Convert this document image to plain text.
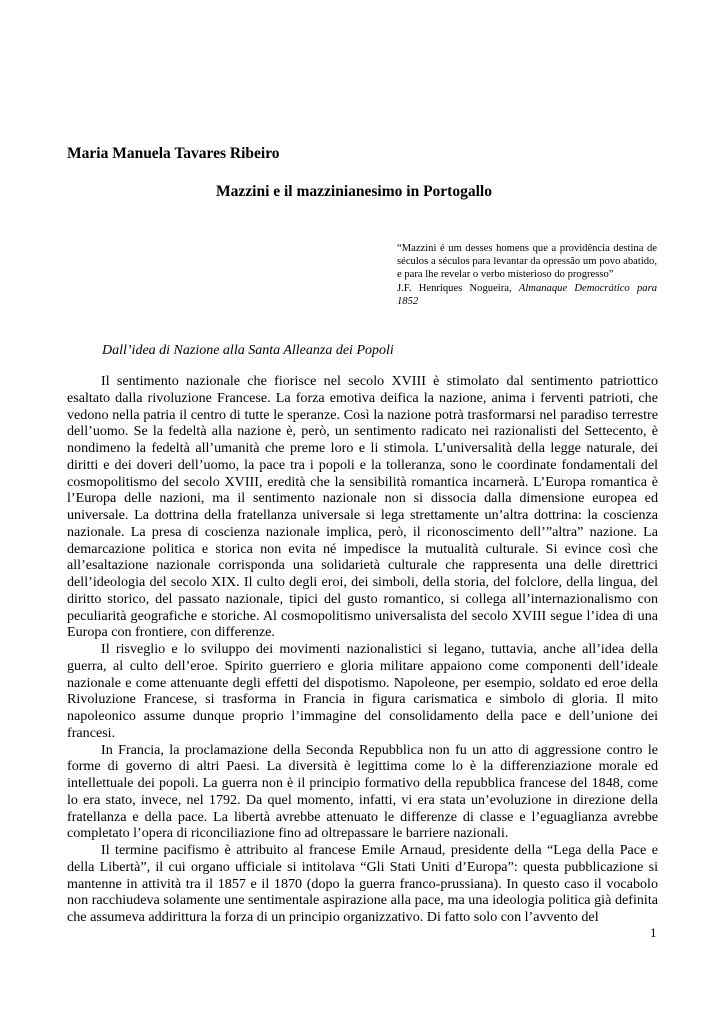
Maria Manuela Tavares Ribeiro
Mazzini e il mazzinianesimo in Portogallo

“Mazzini é um desses homens que a providência destina de séculos a séculos para levantar da opressão um povo abatido, e para lhe revelar o verbo misterioso do progresso”

J.F. Henriques Nogueira, Almanaque Democrático para 1852

Dall’idea di Nazione alla Santa Alleanza dei Popoli

Il sentimento nazionale che fiorisce nel secolo XVIII è stimolato dal sentimento patriottico esaltato dalla rivoluzione Francese. La forza emotiva deifica la nazione, anima i ferventi patrioti, che vedono nella patria il centro di tutte le speranze. Così la nazione potrà trasformarsi nel paradiso terrestre dell’uomo. Se la fedeltà alla nazione è, però, un sentimento radicato nei razionalisti del Settecento, è nondimeno la fedeltà all’umanità che preme loro e li stimola. L’universalità della legge naturale, dei diritti e dei doveri dell’uomo, la pace tra i popoli e la tolleranza, sono le coordinate fondamentali del cosmopolitismo del secolo XVIII, eredità che la sensibilità romantica incarnerà. L’Europa romantica è l’Europa delle nazioni, ma il sentimento nazionale non si dissocia dalla dimensione europea ed universale. La dottrina della fratellanza universale si lega strettamente un’altra dottrina: la coscienza nazionale. La presa di coscienza nazionale implica, però, il riconoscimento dell’”altra” nazione. La demarcazione politica e storica non evita né impedisce la mutualità culturale. Si evince così che all’esaltazione nazionale corrisponda una solidarietà culturale che rappresenta una delle direttrici dell’ideologia del secolo XIX. Il culto degli eroi, dei simboli, della storia, del folclore, della lingua, del diritto storico, del passato nazionale, tipici del gusto romantico, si collega all’internazionalismo con peculiarità geografiche e storiche. Al cosmopolitismo universalista del secolo XVIII segue l’idea di una Europa con frontiere, con differenze.

Il risveglio e lo sviluppo dei movimenti nazionalistici si legano, tuttavia, anche all’idea della guerra, al culto dell’eroe. Spirito guerriero e gloria militare appaiono come componenti dell’ideale nazionale e come attenuante degli effetti del dispotismo. Napoleone, per esempio, soldato ed eroe della Rivoluzione Francese, si trasforma in Francia in figura carismatica e simbolo di gloria. Il mito napoleonico assume dunque proprio l’immagine del consolidamento della pace e dell’unione dei francesi.

In Francia, la proclamazione della Seconda Repubblica non fu un atto di aggressione contro le forme di governo di altri Paesi. La diversità è legittima come lo è la differenziazione morale ed intellettuale dei popoli. La guerra non è il principio formativo della repubblica francese del 1848, come lo era stato, invece, nel 1792. Da quel momento, infatti, vi era stata un’evoluzione in direzione della fratellanza e della pace. La libertà avrebbe attenuato le differenze di classe e l’eguaglianza avrebbe completato l’opera di riconciliazione fino ad oltrepassare le barriere nazionali.

Il termine pacifismo è attribuito al francese Emile Arnaud, presidente della “Lega della Pace e della Libertà”, il cui organo ufficiale si intitolava “Gli Stati Uniti d’Europa”: questa pubblicazione si mantenne in attività tra il 1857 e il 1870 (dopo la guerra franco-prussiana). In questo caso il vocabolo non racchiudeva solamente une sentimentale aspirazione alla pace, ma una ideologia politica già definita che assumeva addirittura la forza di un principio organizzativo. Di fatto solo con l’avvento del

1
